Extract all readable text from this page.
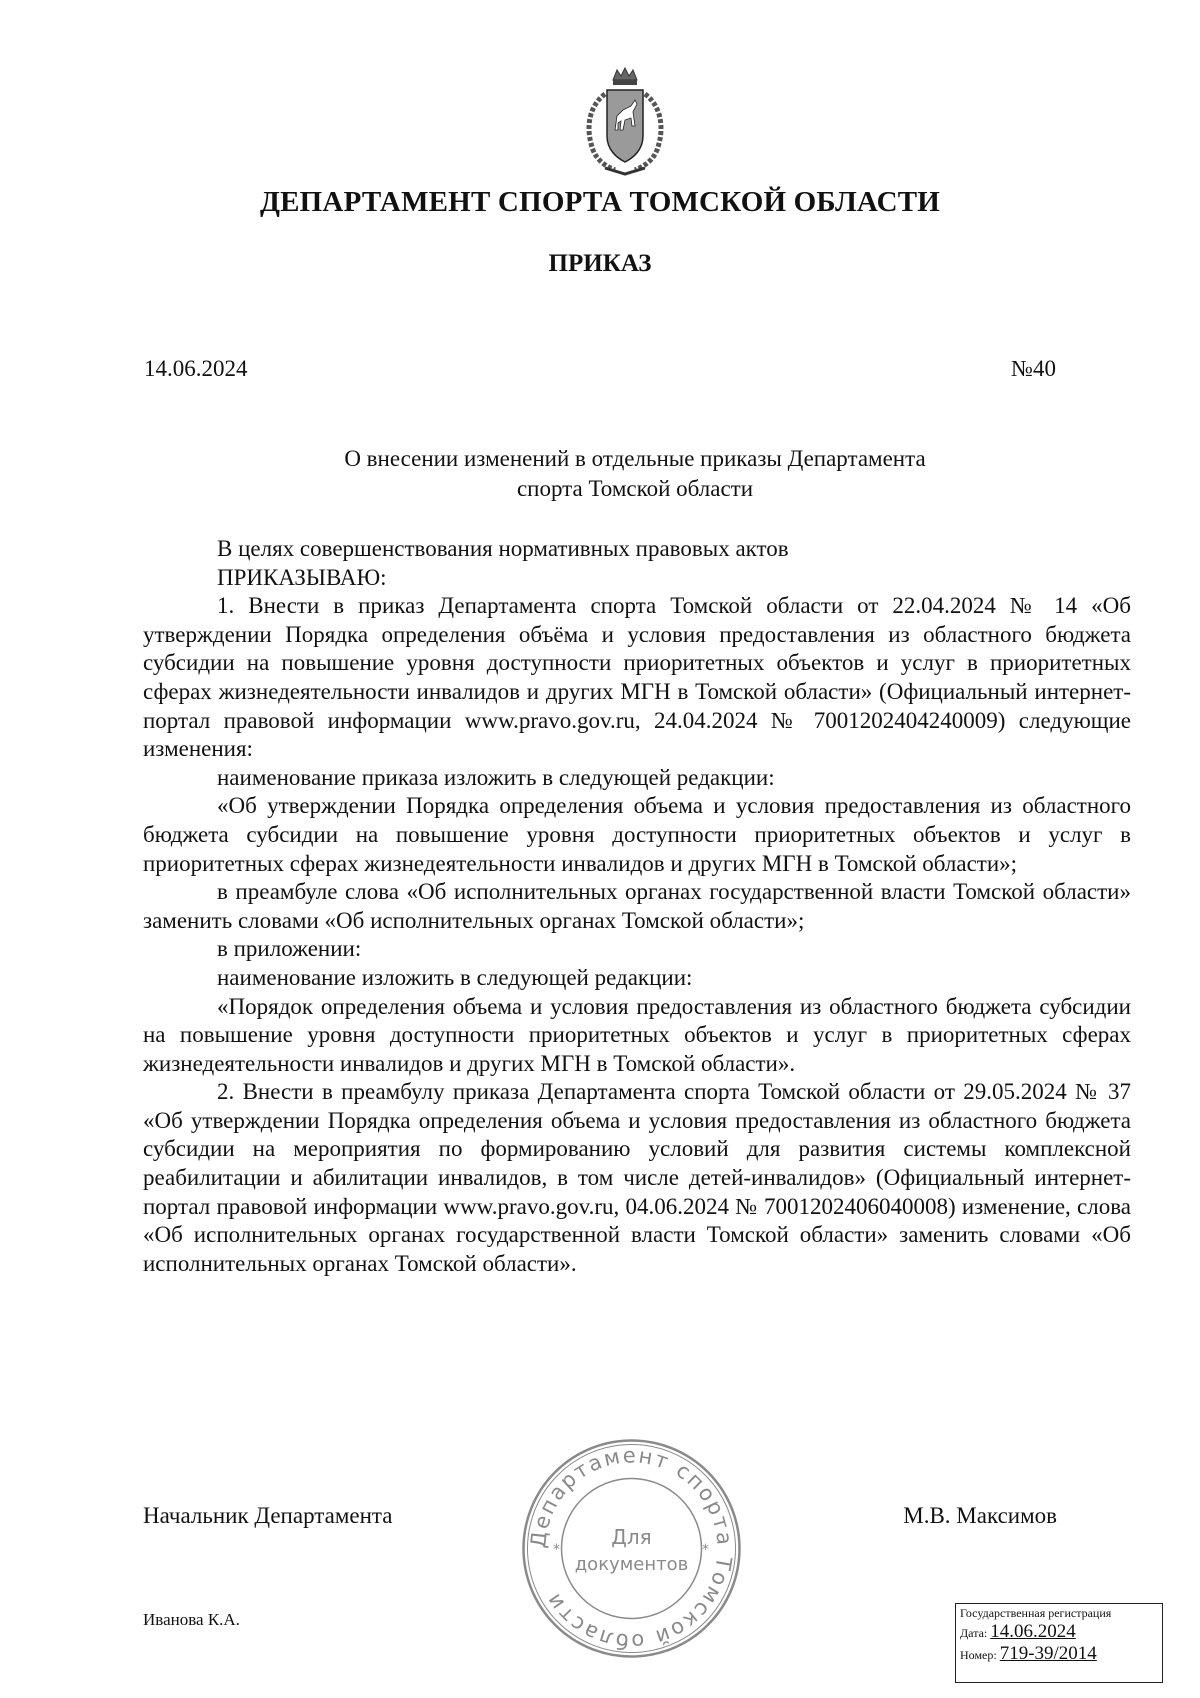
ДЕПАРТАМЕНТ СПОРТА ТОМСКОЙ ОБЛАСТИ
ПРИКАЗ
14.06.2024	№40
О внесении изменений в отдельные приказы Департамента
спорта Томской области

В целях совершенствования нормативных правовых актов

ПРИКАЗЫВАЮ:

1. Внести в приказ Департамента спорта Томской области от 22.04.2024 № 14 «Об утверждении Порядка определения объёма и условия предоставления из областного бюджета субсидии на повышение уровня доступности приоритетных объектов и услуг в приоритетных сферах жизнедеятельности инвалидов и других МГН в Томской области» (Официальный интернет-портал правовой информации www.pravo.gov.ru, 24.04.2024 № 7001202404240009) следующие изменения:

наименование приказа изложить в следующей редакции:

«Об утверждении Порядка определения объема и условия предоставления из областного бюджета субсидии на повышение уровня доступности приоритетных объектов и услуг в приоритетных сферах жизнедеятельности инвалидов и других МГН в Томской области»;

в преамбуле слова «Об исполнительных органах государственной власти Томской области» заменить словами «Об исполнительных органах Томской области»;

в приложении:

наименование изложить в следующей редакции:

«Порядок определения объема и условия предоставления из областного бюджета субсидии на повышение уровня доступности приоритетных объектов и услуг в приоритетных сферах жизнедеятельности инвалидов и других МГН в Томской области».

2. Внести в преамбулу приказа Департамента спорта Томской области от 29.05.2024 № 37 «Об утверждении Порядка определения объема и условия предоставления из областного бюджета субсидии на мероприятия по формированию условий для развития системы комплексной реабилитации и абилитации инвалидов, в том числе детей-инвалидов» (Официальный интернет-портал правовой информации www.pravo.gov.ru, 04.06.2024 № 7001202406040008) изменение, слова «Об исполнительных органах государственной власти Томской области» заменить словами «Об исполнительных органах Томской области».

Начальник Департамента	М.В. Максимов
Департамент спорта Томской области
Для
документов
*	*
Иванова К.А.	Государственная регистрация
Дата: 14.06.2024
Номер: 719-39/2014
